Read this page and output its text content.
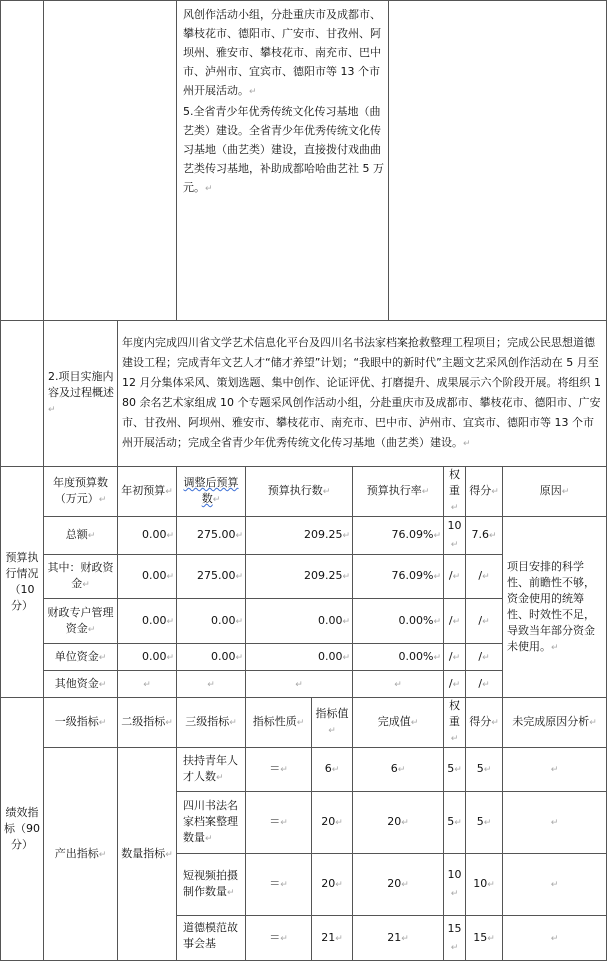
			风创作活动小组，分赴重庆市及成都市、攀枝花市、德阳市、广安市、甘孜州、阿坝州、雅安市、攀枝花市、南充市、巴中市、泸州市、宜宾市、德阳市等 13 个市州开展活动。↵

5.全省青少年优秀传统文化传习基地（曲艺类）建设。全省青少年优秀传统文化传习基地（曲艺类）建设，直接拨付戏曲曲艺类传习基地，补助成都哈哈曲艺社 5 万元。↵							

	2.项目实施内容及过程概述↵	年度内完成四川省文学艺术信息化平台及四川名书法家档案抢救整理工程项目；完成公民思想道德建设工程；完成青年文艺人才“储才养望”计划；“我眼中的新时代”主题文艺采风创作活动在 5 月至 12 月分集体采风、策划选题、集中创作、论证评优、打磨提升、成果展示六个阶段开展。将组织 180 余名艺术家组成 10 个专题采风创作活动小组，分赴重庆市及成都市、攀枝花市、德阳市、广安市、甘孜州、阿坝州、雅安市、攀枝花市、南充市、巴中市、泸州市、宜宾市、德阳市等 13 个市州开展活动；完成全省青少年优秀传统文化传习基地（曲艺类）建设。↵								
预算执行情况（10分）	年度预算数（万元）↵	年初预算↵	调整后预算数↵	预算执行数↵		预算执行率↵		权重↵	得分↵	原因↵
	总额↵	0.00↵	275.00↵	209.25↵		76.09%↵		10↵	7.6↵	项目安排的科学性、前瞻性不够，资金使用的统筹性、时效性不足，导致当年部分资金未使用。↵
	其中：财政资金↵	0.00↵	275.00↵	209.25↵		76.09%↵		/↵	/↵	
	财政专户管理资金↵	0.00↵	0.00↵	0.00↵		0.00%↵		/↵	/↵	
	单位资金↵	0.00↵	0.00↵	0.00↵		0.00%↵		/↵	/↵	
	其他资金↵	↵	↵	↵		↵		/↵	/↵	
绩效指标（90分）	一级指标↵	二级指标↵	三级指标↵	指标性质↵	指标值↵	完成值↵		权重↵	得分↵	未完成原因分析↵
	产出指标↵	数量指标↵	扶持青年人才人数↵	＝↵	6↵	6↵		5↵	5↵	↵
			四川书法名家档案整理数量↵	＝↵	20↵	20↵		5↵	5↵	↵
			短视频拍摄制作数量↵	＝↵	20↵	20↵		10↵	10↵	↵
			道德模范故事会基	＝↵	21↵	21↵		15↵	15↵	↵
